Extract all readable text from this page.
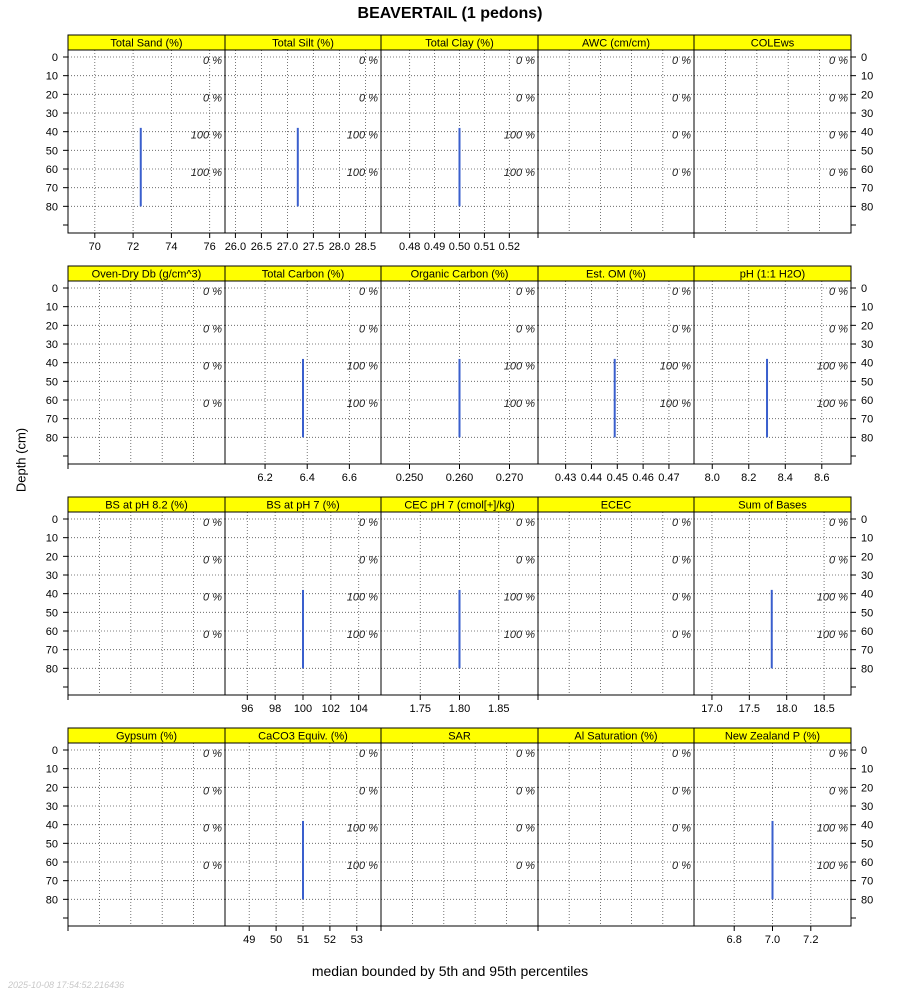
BEAVERTAIL (1 pedons)
Depth (cm)
median bounded by 5th and 95th percentiles
2025-10-08 17:54:52.216436
Total Sand (%)
0 %
0 %
100 %
100 %
70 72 74 76
Total Silt (%)
0 %
0 %
100 %
100 %
26.0 26.5 27.0 27.5 28.0 28.5
Total Clay (%)
0 %
0 %
100 %
100 %
0.48 0.49 0.50 0.51 0.52
AWC (cm/cm)
0 %
0 %
0 %
0 %
COLEws
0 %
0 %
0 %
0 %
Oven-Dry Db (g/cm^3)
0 %
0 %
0 %
0 %
Total Carbon (%)
0 %
0 %
100 %
100 %
6.2 6.4 6.6
Organic Carbon (%)
0 %
0 %
100 %
100 %
0.250 0.260 0.270
Est. OM (%)
0 %
0 %
100 %
100 %
0.43 0.44 0.45 0.46 0.47
pH (1:1 H2O)
0 %
0 %
100 %
100 %
8.0 8.2 8.4 8.6
BS at pH 8.2 (%)
0 %
0 %
0 %
0 %
BS at pH 7 (%)
0 %
0 %
100 %
100 %
96 98 100 102 104
CEC pH 7 (cmol[+]/kg)
0 %
0 %
100 %
100 %
1.75 1.80 1.85
ECEC
0 %
0 %
0 %
0 %
Sum of Bases
0 %
0 %
100 %
100 %
17.0 17.5 18.0 18.5
Gypsum (%)
0 %
0 %
0 %
0 %
CaCO3 Equiv. (%)
0 %
0 %
100 %
100 %
49 50 51 52 53
SAR
0 %
0 %
0 %
0 %
Al Saturation (%)
0 %
0 %
0 %
0 %
New Zealand P (%)
0 %
0 %
100 %
100 %
6.8 7.0 7.2
0	0
10	10
20	20
30	30
40	40
50	50
60	60
70	70
80	80
0	0
10	10
20	20
30	30
40	40
50	50
60	60
70	70
80	80
0	0
10	10
20	20
30	30
40	40
50	50
60	60
70	70
80	80
0	0
10	10
20	20
30	30
40	40
50	50
60	60
70	70
80	80
